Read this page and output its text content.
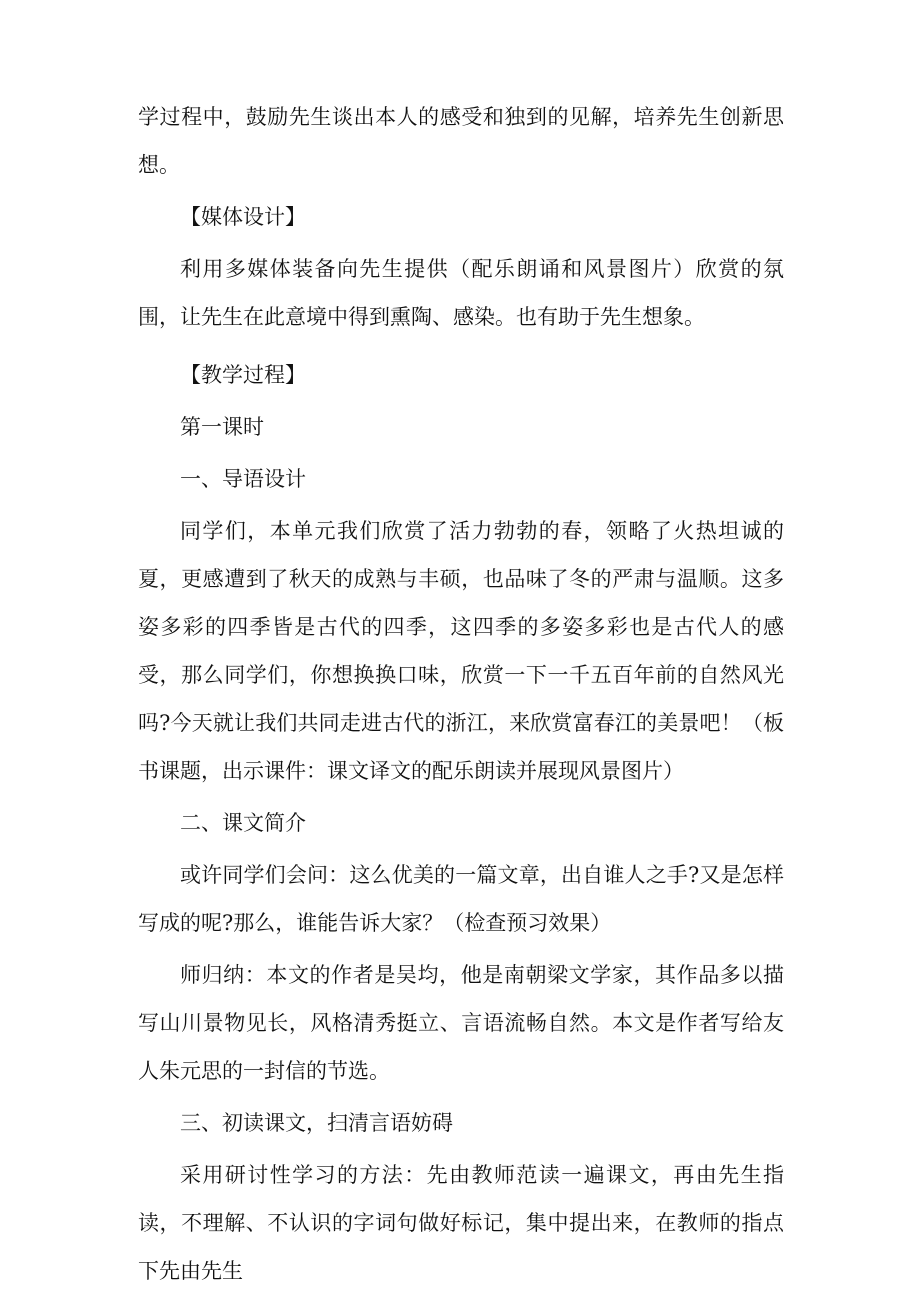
学过程中，鼓励先生谈出本人的感受和独到的见解，培养先生创新思想。

【媒体设计】

利用多媒体装备向先生提供（配乐朗诵和风景图片）欣赏的氛围，让先生在此意境中得到熏陶、感染。也有助于先生想象。

【教学过程】

第一课时

一、导语设计

同学们，本单元我们欣赏了活力勃勃的春，领略了火热坦诚的夏，更感遭到了秋天的成熟与丰硕，也品味了冬的严肃与温顺。这多姿多彩的四季皆是古代的四季，这四季的多姿多彩也是古代人的感受，那么同学们，你想换换口味，欣赏一下一千五百年前的自然风光吗?今天就让我们共同走进古代的浙江，来欣赏富春江的美景吧！（板书课题，出示课件：课文译文的配乐朗读并展现风景图片）

二、课文简介

或许同学们会问：这么优美的一篇文章，出自谁人之手?又是怎样写成的呢?那么，谁能告诉大家？（检查预习效果）

师归纳：本文的作者是吴均，他是南朝梁文学家，其作品多以描写山川景物见长，风格清秀挺立、言语流畅自然。本文是作者写给友人朱元思的一封信的节选。

三、初读课文，扫清言语妨碍

采用研讨性学习的方法：先由教师范读一遍课文，再由先生指读，不理解、不认识的字词句做好标记，集中提出来，在教师的指点下先由先生
